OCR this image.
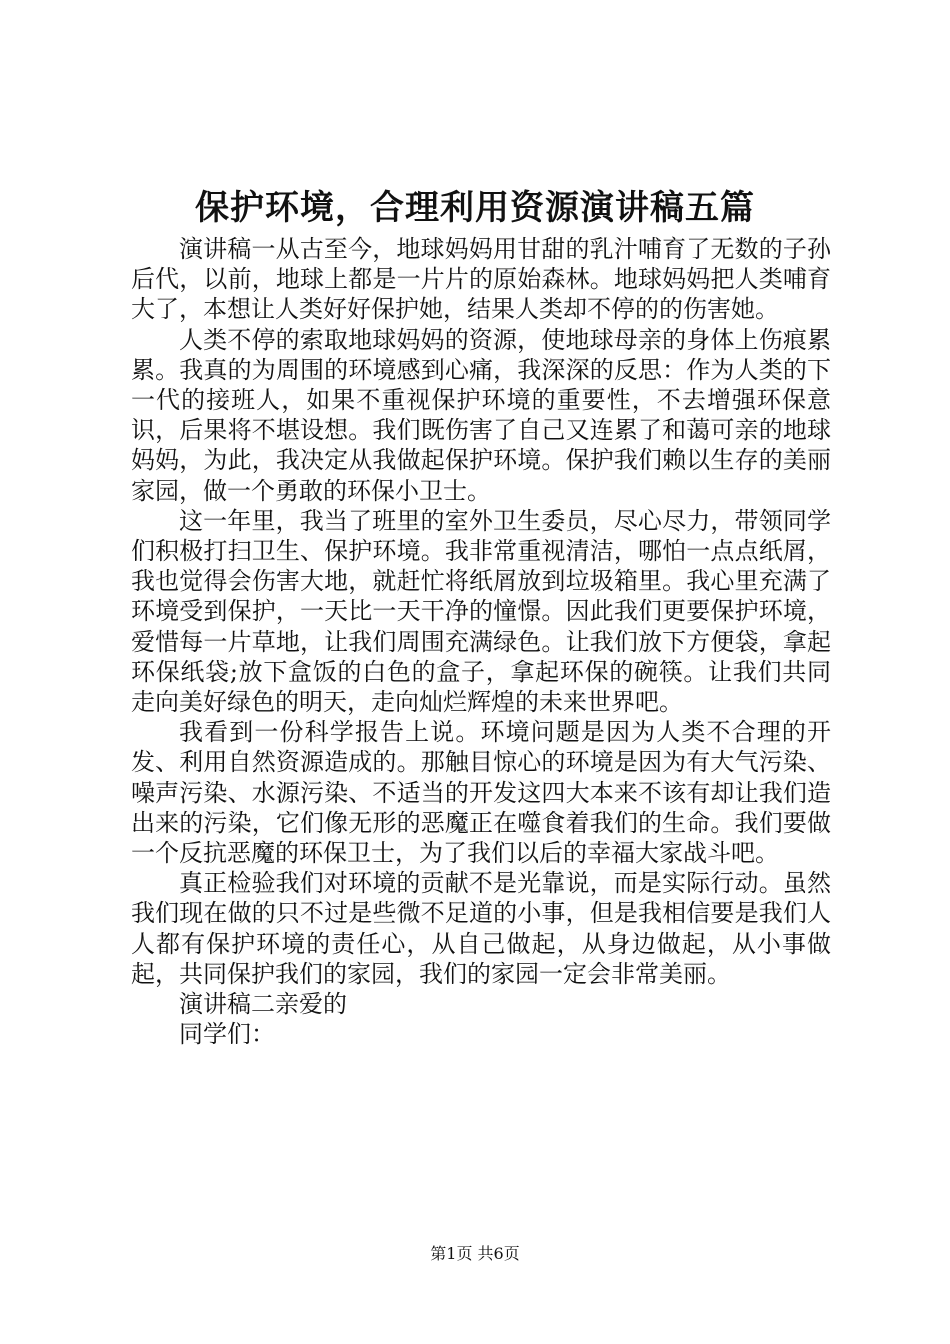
保护环境，合理利用资源演讲稿五篇

演讲稿一从古至今，地球妈妈用甘甜的乳汁哺育了无数的子孙后代，以前，地球上都是一片片的原始森林。地球妈妈把人类哺育大了，本想让人类好好保护她，结果人类却不停的的伤害她。

人类不停的索取地球妈妈的资源，使地球母亲的身体上伤痕累累。我真的为周围的环境感到心痛，我深深的反思：作为人类的下一代的接班人，如果不重视保护环境的重要性，不去增强环保意识，后果将不堪设想。我们既伤害了自己又连累了和蔼可亲的地球妈妈，为此，我决定从我做起保护环境。保护我们赖以生存的美丽家园，做一个勇敢的环保小卫士。

这一年里，我当了班里的室外卫生委员，尽心尽力，带领同学们积极打扫卫生、保护环境。我非常重视清洁，哪怕一点点纸屑，我也觉得会伤害大地，就赶忙将纸屑放到垃圾箱里。我心里充满了环境受到保护，一天比一天干净的憧憬。因此我们更要保护环境，爱惜每一片草地，让我们周围充满绿色。让我们放下方便袋，拿起环保纸袋;放下盒饭的白色的盒子，拿起环保的碗筷。让我们共同走向美好绿色的明天，走向灿烂辉煌的未来世界吧。

我看到一份科学报告上说。环境问题是因为人类不合理的开发、利用自然资源造成的。那触目惊心的环境是因为有大气污染、噪声污染、水源污染、不适当的开发这四大本来不该有却让我们造出来的污染，它们像无形的恶魔正在噬食着我们的生命。我们要做一个反抗恶魔的环保卫士，为了我们以后的幸福大家战斗吧。

真正检验我们对环境的贡献不是光靠说，而是实际行动。虽然我们现在做的只不过是些微不足道的小事，但是我相信要是我们人人都有保护环境的责任心，从自己做起，从身边做起，从小事做起，共同保护我们的家园，我们的家园一定会非常美丽。

演讲稿二亲爱的

同学们：

第1页 共6页
